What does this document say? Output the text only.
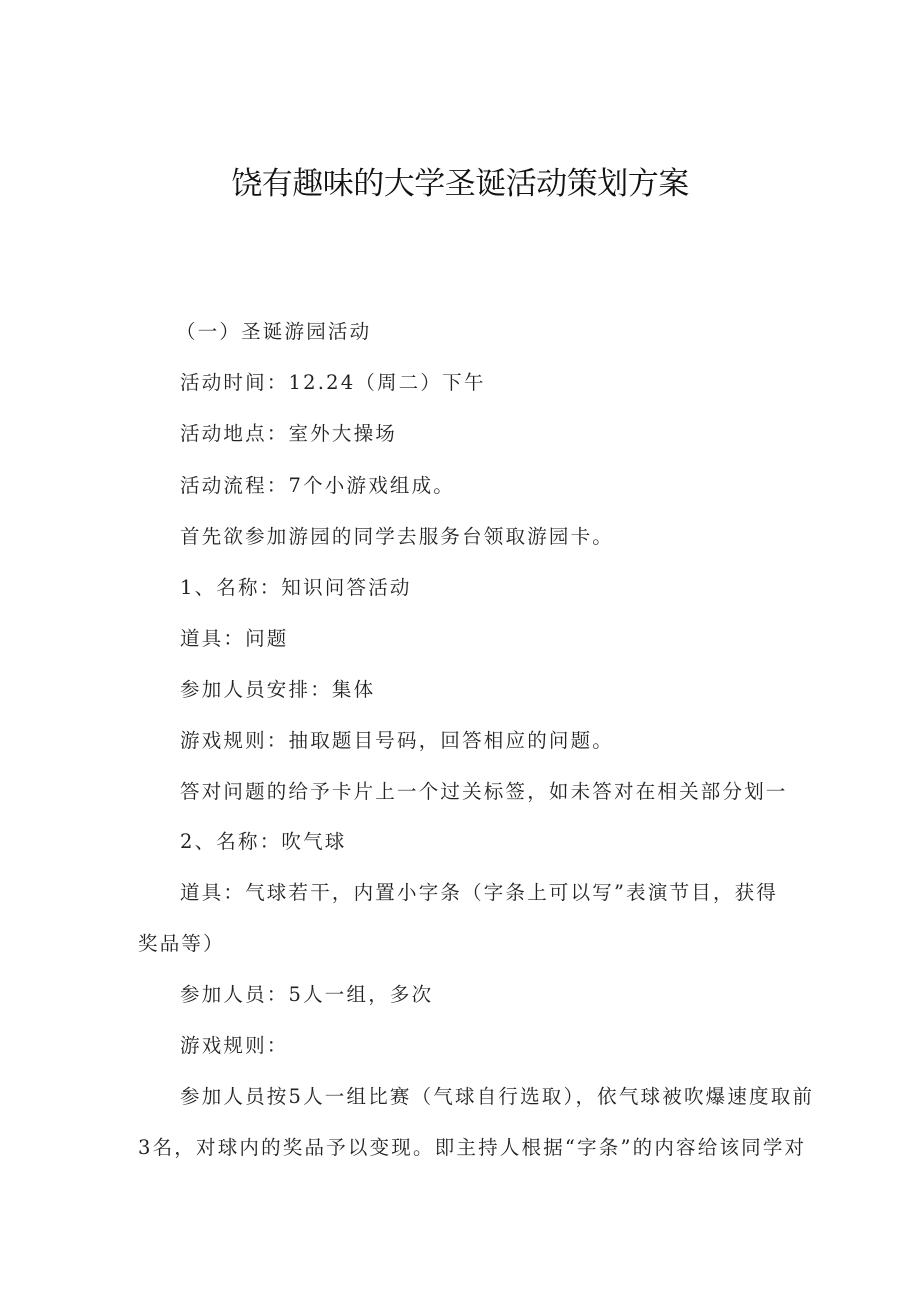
饶有趣味的大学圣诞活动策划方案
（一）圣诞游园活动
活动时间：12.24（周二）下午
活动地点：室外大操场
活动流程：7个小游戏组成。
首先欲参加游园的同学去服务台领取游园卡。
1、名称：知识问答活动
道具：问题
参加人员安排：集体
游戏规则：抽取题目号码，回答相应的问题。
答对问题的给予卡片上一个过关标签，如未答对在相关部分划一
2、名称：吹气球
道具：气球若干，内置小字条（字条上可以写”表演节目，获得
奖品等）
参加人员：5人一组，多次
游戏规则：
参加人员按5人一组比赛（气球自行选取），依气球被吹爆速度取前
3名，对球内的奖品予以变现。即主持人根据“字条”的内容给该同学对
